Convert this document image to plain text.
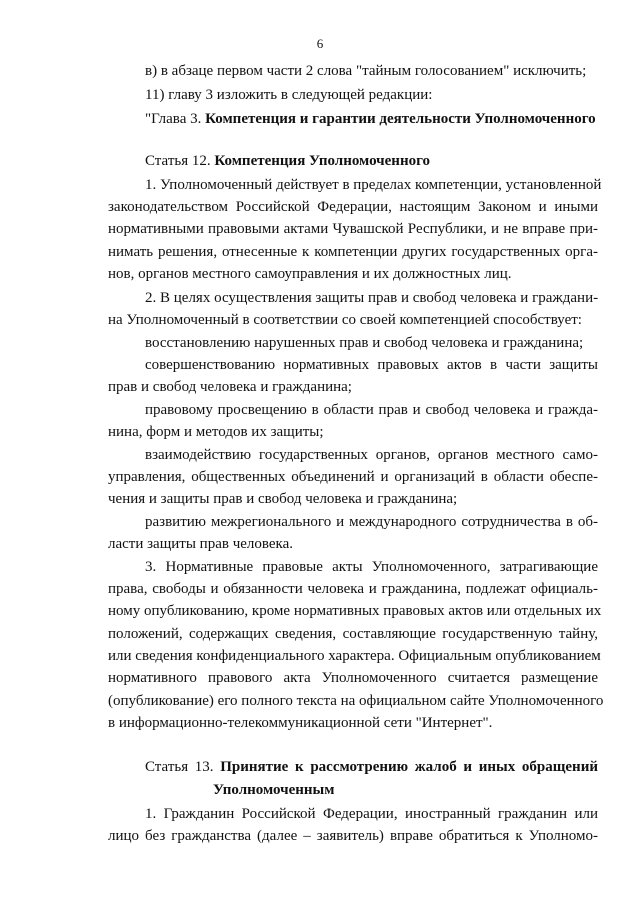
6
в) в абзаце первом части 2 слова "тайным голосованием" исключить;
11) главу 3 изложить в следующей редакции:
"Глава 3. Компетенция и гарантии деятельности Уполномоченного
Статья 12. Компетенция Уполномоченного
1. Уполномоченный действует в пределах компетенции, установленной
законодательством Российской Федерации, настоящим Законом и иными
нормативными правовыми актами Чувашской Республики, и не вправе при-
нимать решения, отнесенные к компетенции других государственных орга-
нов, органов местного самоуправления и их должностных лиц.
2. В целях осуществления защиты прав и свобод человека и граждани-
на Уполномоченный в соответствии со своей компетенцией способствует:
восстановлению нарушенных прав и свобод человека и гражданина;
совершенствованию нормативных правовых актов в части защиты
прав и свобод человека и гражданина;
правовому просвещению в области прав и свобод человека и гражда-
нина, форм и методов их защиты;
взаимодействию государственных органов, органов местного само-
управления, общественных объединений и организаций в области обеспе-
чения и защиты прав и свобод человека и гражданина;
развитию межрегионального и международного сотрудничества в об-
ласти защиты прав человека.
3. Нормативные правовые акты Уполномоченного, затрагивающие
права, свободы и обязанности человека и гражданина, подлежат официаль-
ному опубликованию, кроме нормативных правовых актов или отдельных их
положений, содержащих сведения, составляющие государственную тайну,
или сведения конфиденциального характера. Официальным опубликованием
нормативного правового акта Уполномоченного считается размещение
(опубликование) его полного текста на официальном сайте Уполномоченного
в информационно-телекоммуникационной сети "Интернет".
Статья 13. Принятие к рассмотрению жалоб и иных обращений
Уполномоченным
1. Гражданин Российской Федерации, иностранный гражданин или
лицо без гражданства (далее – заявитель) вправе обратиться к Уполномо-
